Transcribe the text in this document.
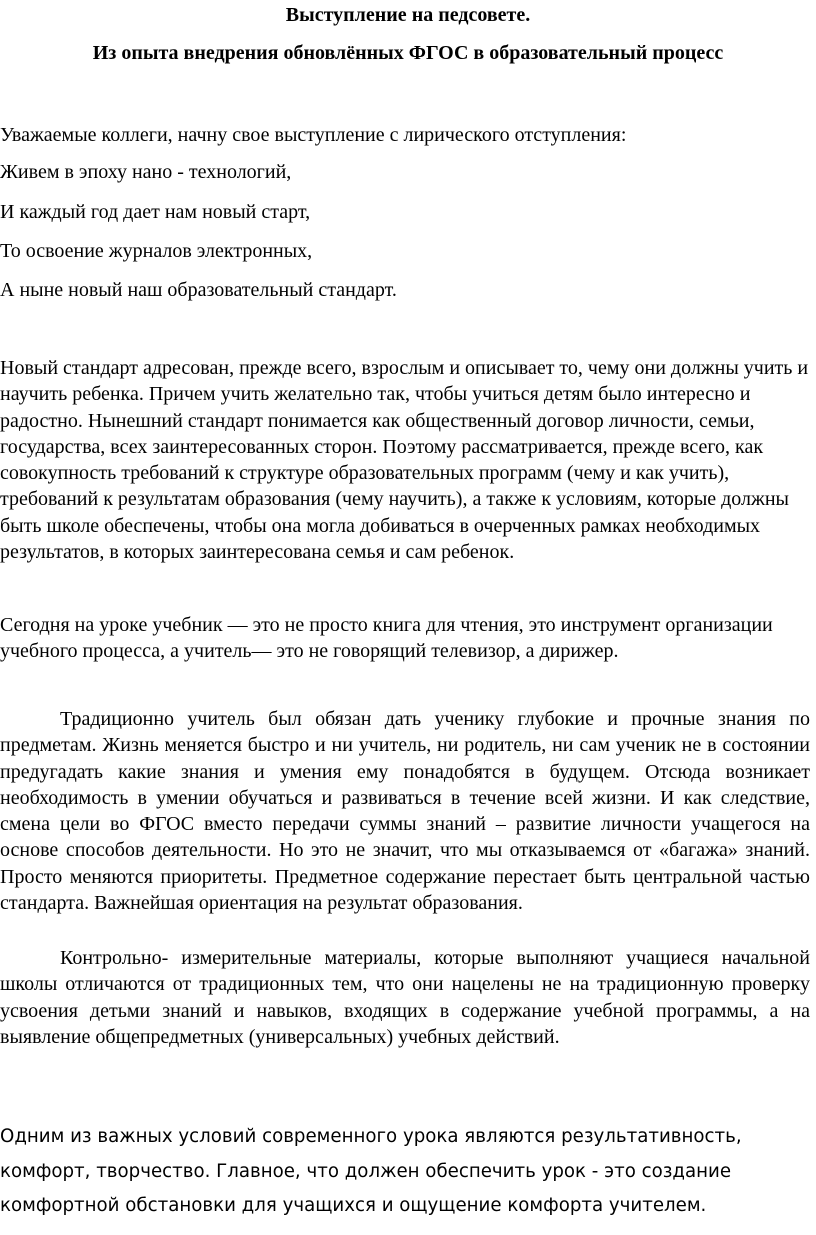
Выступление на педсовете.
Из опыта внедрения обновлённых ФГОС в образовательный процесс

Уважаемые коллеги, начну свое выступление с лирического отступления:

Живем в эпоху нано - технологий,

И каждый год дает нам новый старт,

То освоение журналов электронных,

А ныне новый наш образовательный стандарт.

Новый стандарт адресован, прежде всего, взрослым и описывает то, чему они должны учить и научить ребенка. Причем учить желательно так, чтобы учиться детям было интересно и радостно. Нынешний стандарт понимается как общественный договор личности, семьи, государства, всех заинтересованных сторон. Поэтому рассматривается, прежде всего, как совокупность требований к структуре образовательных программ (чему и как учить), требований к результатам образования (чему научить), а также к условиям, которые должны быть школе обеспечены, чтобы она могла добиваться в очерченных рамках необходимых результатов, в которых заинтересована семья и сам ребенок.

Сегодня на уроке учебник — это не просто книга для чтения, это инструмент организации учебного процесса, а учитель— это не говорящий телевизор, а дирижер.

Традиционно учитель был обязан дать ученику глубокие и прочные знания по предметам. Жизнь меняется быстро и ни учитель, ни родитель, ни сам ученик не в состоянии предугадать какие знания и умения ему понадобятся в будущем. Отсюда возникает необходимость в умении обучаться и развиваться в течение всей жизни. И как следствие, смена цели во ФГОС вместо передачи суммы знаний – развитие личности учащегося на основе способов деятельности. Но это не значит, что мы отказываемся от «багажа» знаний. Просто меняются приоритеты. Предметное содержание перестает быть центральной частью стандарта. Важнейшая ориентация на результат образования.

Контрольно- измерительные материалы, которые выполняют учащиеся начальной школы отличаются от традиционных тем, что они нацелены не на традиционную проверку усвоения детьми знаний и навыков, входящих в содержание учебной программы, а на выявление общепредметных (универсальных) учебных действий.

Одним из важных условий современного урока являются результативность, комфорт, творчество. Главное, что должен обеспечить урок - это создание комфортной обстановки для учащихся и ощущение комфорта учителем.
